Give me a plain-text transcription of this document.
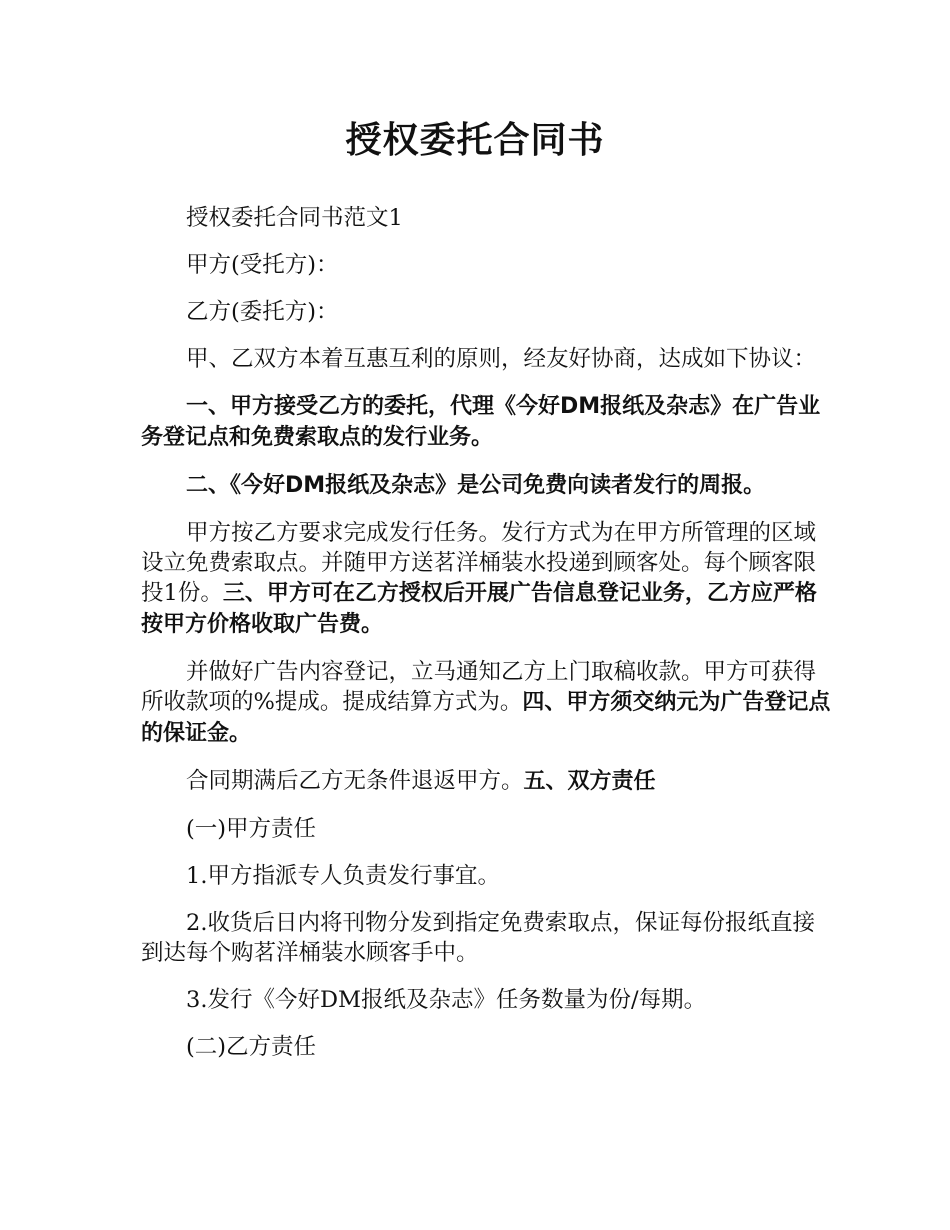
授权委托合同书

授权委托合同书范文1

甲方(受托方)：

乙方(委托方)：

甲、乙双方本着互惠互利的原则，经友好协商，达成如下协议：

一、甲方接受乙方的委托，代理《今好DM报纸及杂志》在广告业务登记点和免费索取点的发行业务。

二、《今好DM报纸及杂志》是公司免费向读者发行的周报。

甲方按乙方要求完成发行任务。发行方式为在甲方所管理的区域设立免费索取点。并随甲方送茗洋桶装水投递到顾客处。每个顾客限投1份。三、甲方可在乙方授权后开展广告信息登记业务，乙方应严格按甲方价格收取广告费。

并做好广告内容登记，立马通知乙方上门取稿收款。甲方可获得所收款项的%提成。提成结算方式为。四、甲方须交纳元为广告登记点的保证金。

合同期满后乙方无条件退返甲方。五、双方责任

(一)甲方责任

1.甲方指派专人负责发行事宜。

2.收货后日内将刊物分发到指定免费索取点，保证每份报纸直接到达每个购茗洋桶装水顾客手中。

3.发行《今好DM报纸及杂志》任务数量为份/每期。

(二)乙方责任
